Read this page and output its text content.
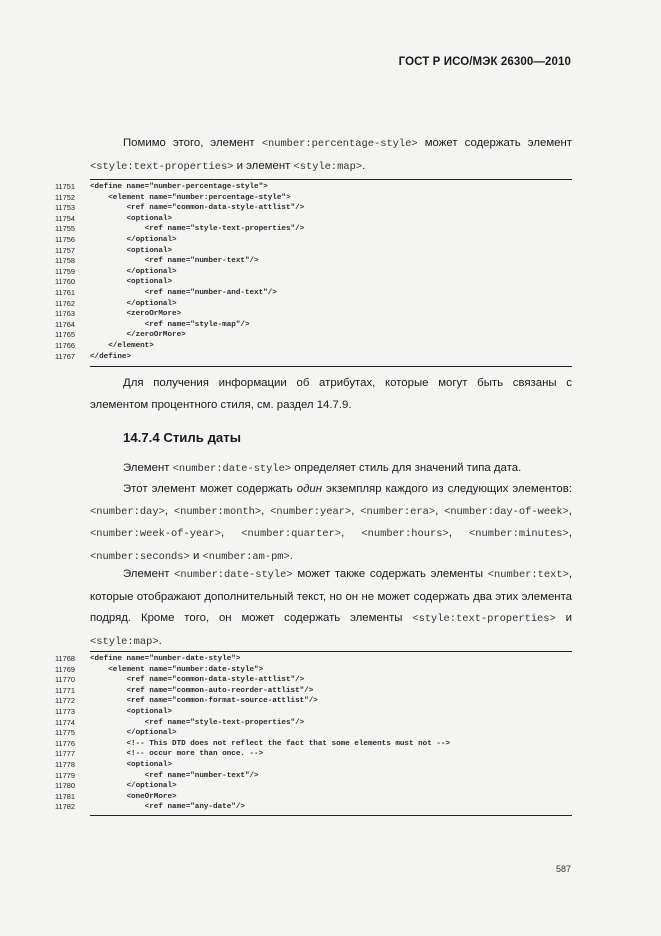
ГОСТ Р ИСО/МЭК 26300—2010
Помимо этого, элемент <number:percentage-style> может содержать элемент <style:text-properties> и элемент <style:map>.
11751 <define name="number-percentage-style">
11752 <element name="number:percentage-style">
11753 <ref name="common-data-style-attlist"/>
11754 <optional>
11755 <ref name="style-text-properties"/>
11756 </optional>
11757 <optional>
11758 <ref name="number-text"/>
11759 </optional>
11760 <optional>
11761 <ref name="number-and-text"/>
11762 </optional>
11763 <zeroOrMore>
11764 <ref name="style-map"/>
11765 </zeroOrMore>
11766 </element>
11767 </define>
Для получения информации об атрибутах, которые могут быть связаны с элементом процентного стиля, см. раздел 14.7.9.
14.7.4 Стиль даты
Элемент <number:date-style> определяет стиль для значений типа дата.
Этот элемент может содержать один экземпляр каждого из следующих элементов: <number:day>, <number:month>, <number:year>, <number:era>, <number:day-of-week>, <number:week-of-year>, <number:quarter>, <number:hours>, <number:minutes>, <number:seconds> и <number:am-pm>.
Элемент <number:date-style> может также содержать элементы <number:text>, которые отображают дополнительный текст, но он не может содержать два этих элемента подряд. Кроме того, он может содержать элементы <style:text-properties> и <style:map>.
11768 <define name="number-date-style">
11769 <element name="number:date-style">
11770 <ref name="common-data-style-attlist"/>
11771 <ref name="common-auto-reorder-attlist"/>
11772 <ref name="common-format-source-attlist"/>
11773 <optional>
11774 <ref name="style-text-properties"/>
11775 </optional>
11776 <!-- This DTD does not reflect the fact that some elements must not -->
11777 <!-- occur more than once. -->
11778 <optional>
11779 <ref name="number-text"/>
11780 </optional>
11781 <oneOrMore>
11782 <ref name="any-date"/>
587
